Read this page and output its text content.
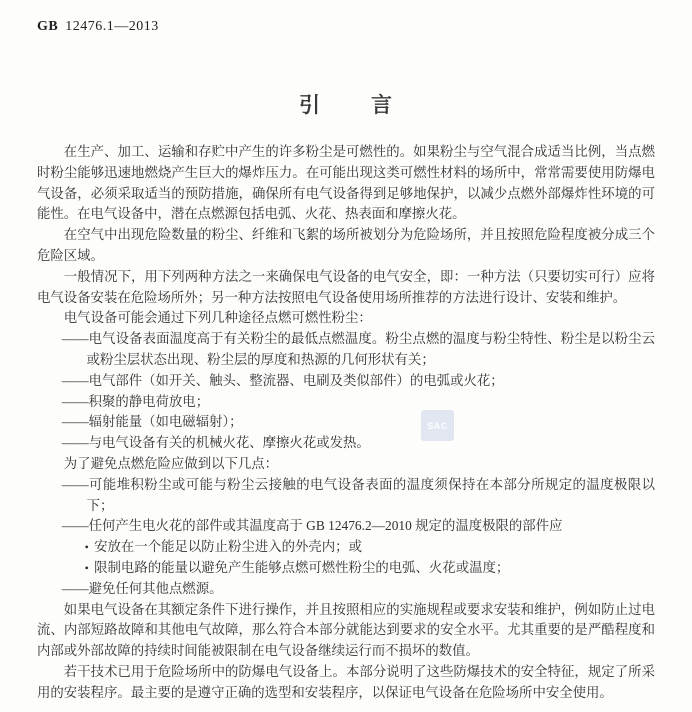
GB 12476.1—2013
引 言
SAC
在生产、加工、运输和存贮中产生的许多粉尘是可燃性的。如果粉尘与空气混合成适当比例，当点燃时粉尘能够迅速地燃烧产生巨大的爆炸压力。在可能出现这类可燃性材料的场所中，常常需要使用防爆电气设备，必须采取适当的预防措施，确保所有电气设备得到足够地保护，以减少点燃外部爆炸性环境的可能性。在电气设备中，潜在点燃源包括电弧、火花、热表面和摩擦火花。
在空气中出现危险数量的粉尘、纤维和飞絮的场所被划分为危险场所，并且按照危险程度被分成三个危险区域。
一般情况下，用下列两种方法之一来确保电气设备的电气安全，即：一种方法（只要切实可行）应将电气设备安装在危险场所外；另一种方法按照电气设备使用场所推荐的方法进行设计、安装和维护。
电气设备可能会通过下列几种途径点燃可燃性粉尘：
——电气设备表面温度高于有关粉尘的最低点燃温度。粉尘点燃的温度与粉尘特性、粉尘是以粉尘云或粉尘层状态出现、粉尘层的厚度和热源的几何形状有关；
——电气部件（如开关、触头、整流器、电刷及类似部件）的电弧或火花；
——积聚的静电荷放电；
——辐射能量（如电磁辐射）；
——与电气设备有关的机械火花、摩擦火花或发热。
为了避免点燃危险应做到以下几点：
——可能堆积粉尘或可能与粉尘云接触的电气设备表面的温度须保持在本部分所规定的温度极限以下；
——任何产生电火花的部件或其温度高于 GB 12476.2—2010 规定的温度极限的部件应
• 安放在一个能足以防止粉尘进入的外壳内；或
• 限制电路的能量以避免产生能够点燃可燃性粉尘的电弧、火花或温度；
——避免任何其他点燃源。
如果电气设备在其额定条件下进行操作，并且按照相应的实施规程或要求安装和维护，例如防止过电流、内部短路故障和其他电气故障，那么符合本部分就能达到要求的安全水平。尤其重要的是严酷程度和内部或外部故障的持续时间能被限制在电气设备继续运行而不损坏的数值。
若干技术已用于危险场所中的防爆电气设备上。本部分说明了这些防爆技术的安全特征，规定了所采用的安装程序。最主要的是遵守正确的选型和安装程序，以保证电气设备在危险场所中安全使用。
